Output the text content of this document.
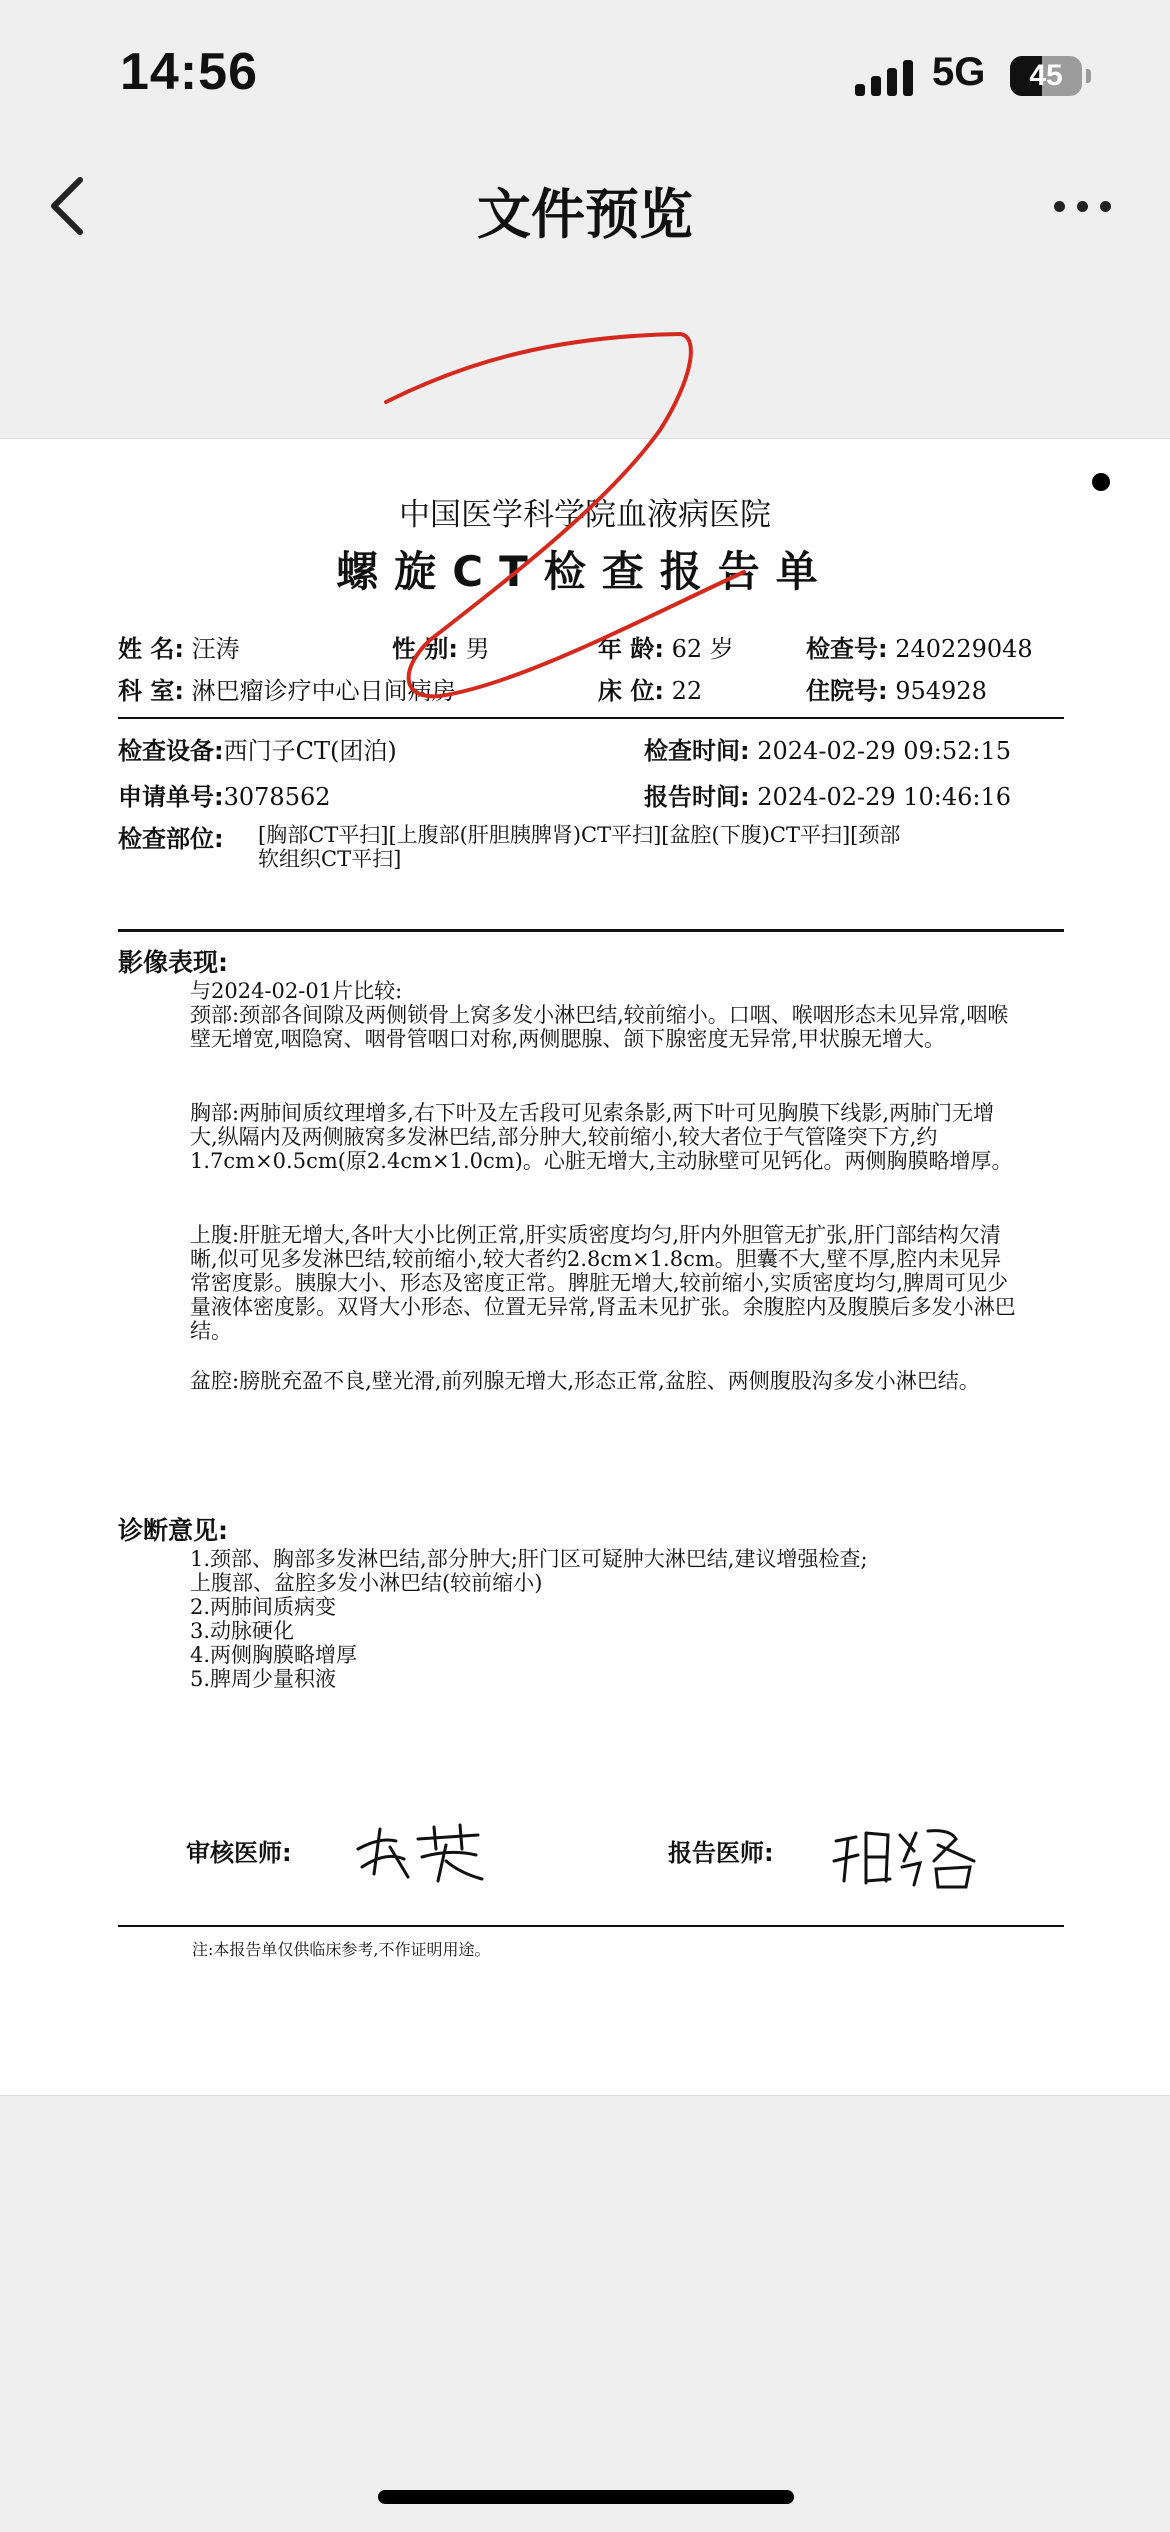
14:56	5G	45
文件预览
中国医学科学院血液病医院
螺旋CT检查报告单
姓 名: 汪涛	性 别: 男	年 龄: 62 岁	检查号: 240229048
科 室: 淋巴瘤诊疗中心日间病房	床 位: 22	住院号: 954928
检查设备:西门子CT(团泊)	检查时间: 2024-02-29 09:52:15
申请单号:3078562	报告时间: 2024-02-29 10:46:16
检查部位: [胸部CT平扫][上腹部(肝胆胰脾肾)CT平扫][盆腔(下腹)CT平扫][颈部
软组织CT平扫]
影像表现:

与2024-02-01片比较:

颈部:颈部各间隙及两侧锁骨上窝多发小淋巴结,较前缩小。口咽、喉咽形态未见异常,咽喉壁无增宽,咽隐窝、咽骨管咽口对称,两侧腮腺、颌下腺密度无异常,甲状腺无增大。

胸部:两肺间质纹理增多,右下叶及左舌段可见索条影,两下叶可见胸膜下线影,两肺门无增大,纵隔内及两侧腋窝多发淋巴结,部分肿大,较前缩小,较大者位于气管隆突下方,约1.7cm×0.5cm(原2.4cm×1.0cm)。心脏无增大,主动脉壁可见钙化。两侧胸膜略增厚。

上腹:肝脏无增大,各叶大小比例正常,肝实质密度均匀,肝内外胆管无扩张,肝门部结构欠清晰,似可见多发淋巴结,较前缩小,较大者约2.8cm×1.8cm。胆囊不大,壁不厚,腔内未见异常密度影。胰腺大小、形态及密度正常。脾脏无增大,较前缩小,实质密度均匀,脾周可见少量液体密度影。双肾大小形态、位置无异常,肾盂未见扩张。余腹腔内及腹膜后多发小淋巴结。

盆腔:膀胱充盈不良,壁光滑,前列腺无增大,形态正常,盆腔、两侧腹股沟多发小淋巴结。

诊断意见:
1.颈部、胸部多发淋巴结,部分肿大;肝门区可疑肿大淋巴结,建议增强检查;
上腹部、盆腔多发小淋巴结(较前缩小)
2.两肺间质病变
3.动脉硬化
4.两侧胸膜略增厚
5.脾周少量积液
审核医师:	报告医师:
注:本报告单仅供临床参考,不作证明用途。
